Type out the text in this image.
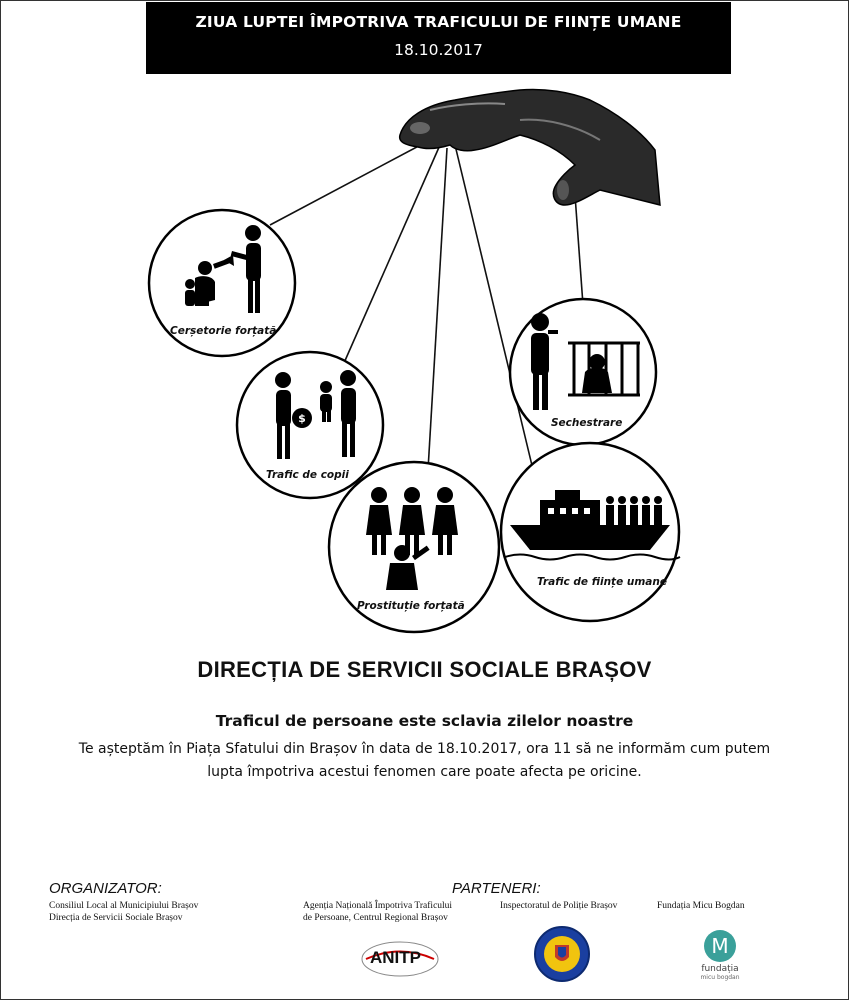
ZIUA LUPTEI ÎMPOTRIVA TRAFICULUI DE FIINȚE UMANE
18.10.2017
$
Cerșetorie forțată
Trafic de copii
Prostituție forțată
Sechestrare
Trafic de ființe umane
DIRECȚIA DE SERVICII SOCIALE BRAȘOV
Traficul de persoane este sclavia zilelor noastre
Te așteptăm în Piața Sfatului din Brașov în data de 18.10.2017, ora 11 să ne informăm cum putem
lupta împotriva acestui fenomen care poate afecta pe oricine.
ORGANIZATOR:
Consiliul Local al Municipiului Brașov
Direcția de Servicii Sociale Brașov
PARTENERI:
Agenția Națională Împotriva Traficului
de Persoane, Centrul Regional Brașov
Inspectoratul de Poliție Brașov	Fundația Micu Bogdan
ANITP	M
fundația
micu bogdan
